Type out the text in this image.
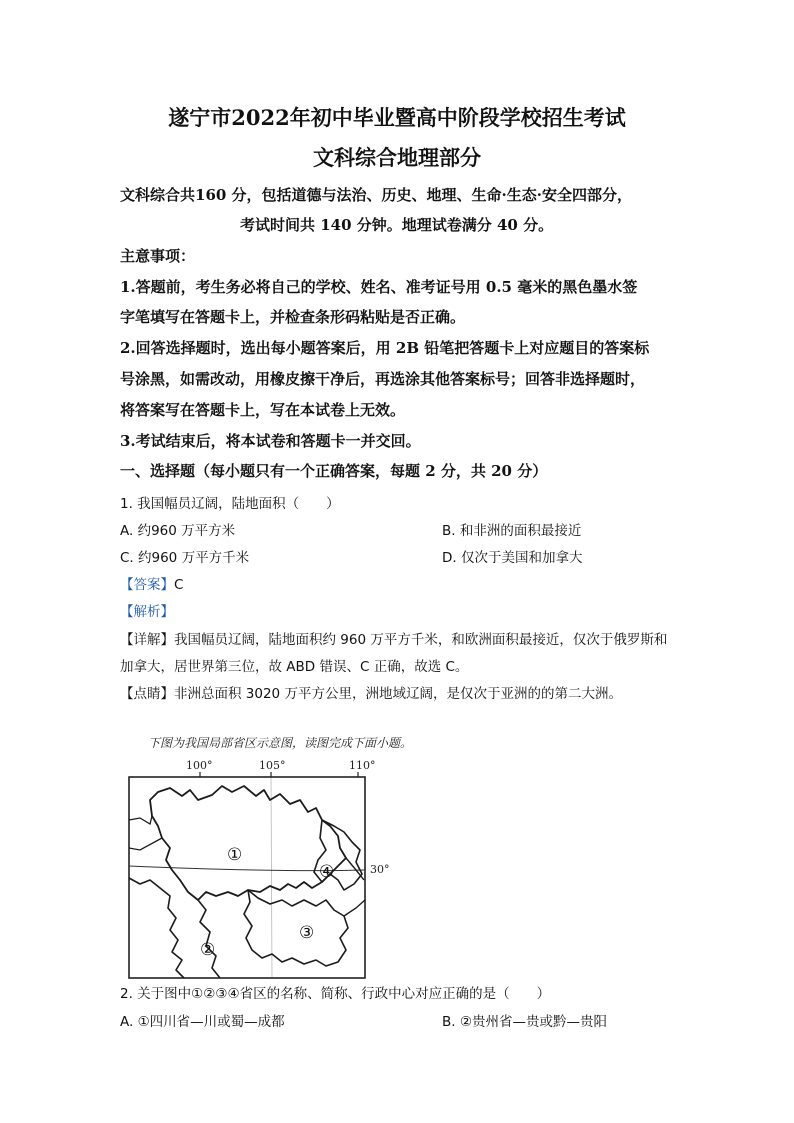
遂宁市2022年初中毕业暨高中阶段学校招生考试
文科综合地理部分
文科综合共160 分，包括道德与法治、历史、地理、生命·生态·安全四部分，
考试时间共 140 分钟。地理试卷满分 40 分。
主意事项：
1.答题前，考生务必将自己的学校、姓名、准考证号用 0.5 毫米的黑色墨水签
字笔填写在答题卡上，并检查条形码粘贴是否正确。
2.回答选择题时，选出每小题答案后，用 2B 铅笔把答题卡上对应题目的答案标
号涂黑，如需改动，用橡皮擦干净后，再选涂其他答案标号；回答非选择题时，
将答案写在答题卡上，写在本试卷上无效。
3.考试结束后，将本试卷和答题卡一并交回。
一、选择题（每小题只有一个正确答案，每题 2 分，共 20 分）
1. 我国幅员辽阔，陆地面积（　　）
A. 约960 万平方米	B. 和非洲的面积最接近
C. 约960 万平方千米	D. 仅次于美国和加拿大
【答案】C
【解析】
【详解】我国幅员辽阔，陆地面积约 960 万平方千米，和欧洲面积最接近，仅次于俄罗斯和
加拿大，居世界第三位，故 ABD 错误、C 正确，故选 C。
【点睛】非洲总面积 3020 万平方公里，洲地域辽阔，是仅次于亚洲的的第二大洲。
下图为我国局部省区示意图，读图完成下面小题。
100°	105°	110°
30°
①
④
③
②
2. 关于图中①②③④省区的名称、简称、行政中心对应正确的是（　　）
A. ①四川省—川或蜀—成都	B. ②贵州省—贵或黔—贵阳
